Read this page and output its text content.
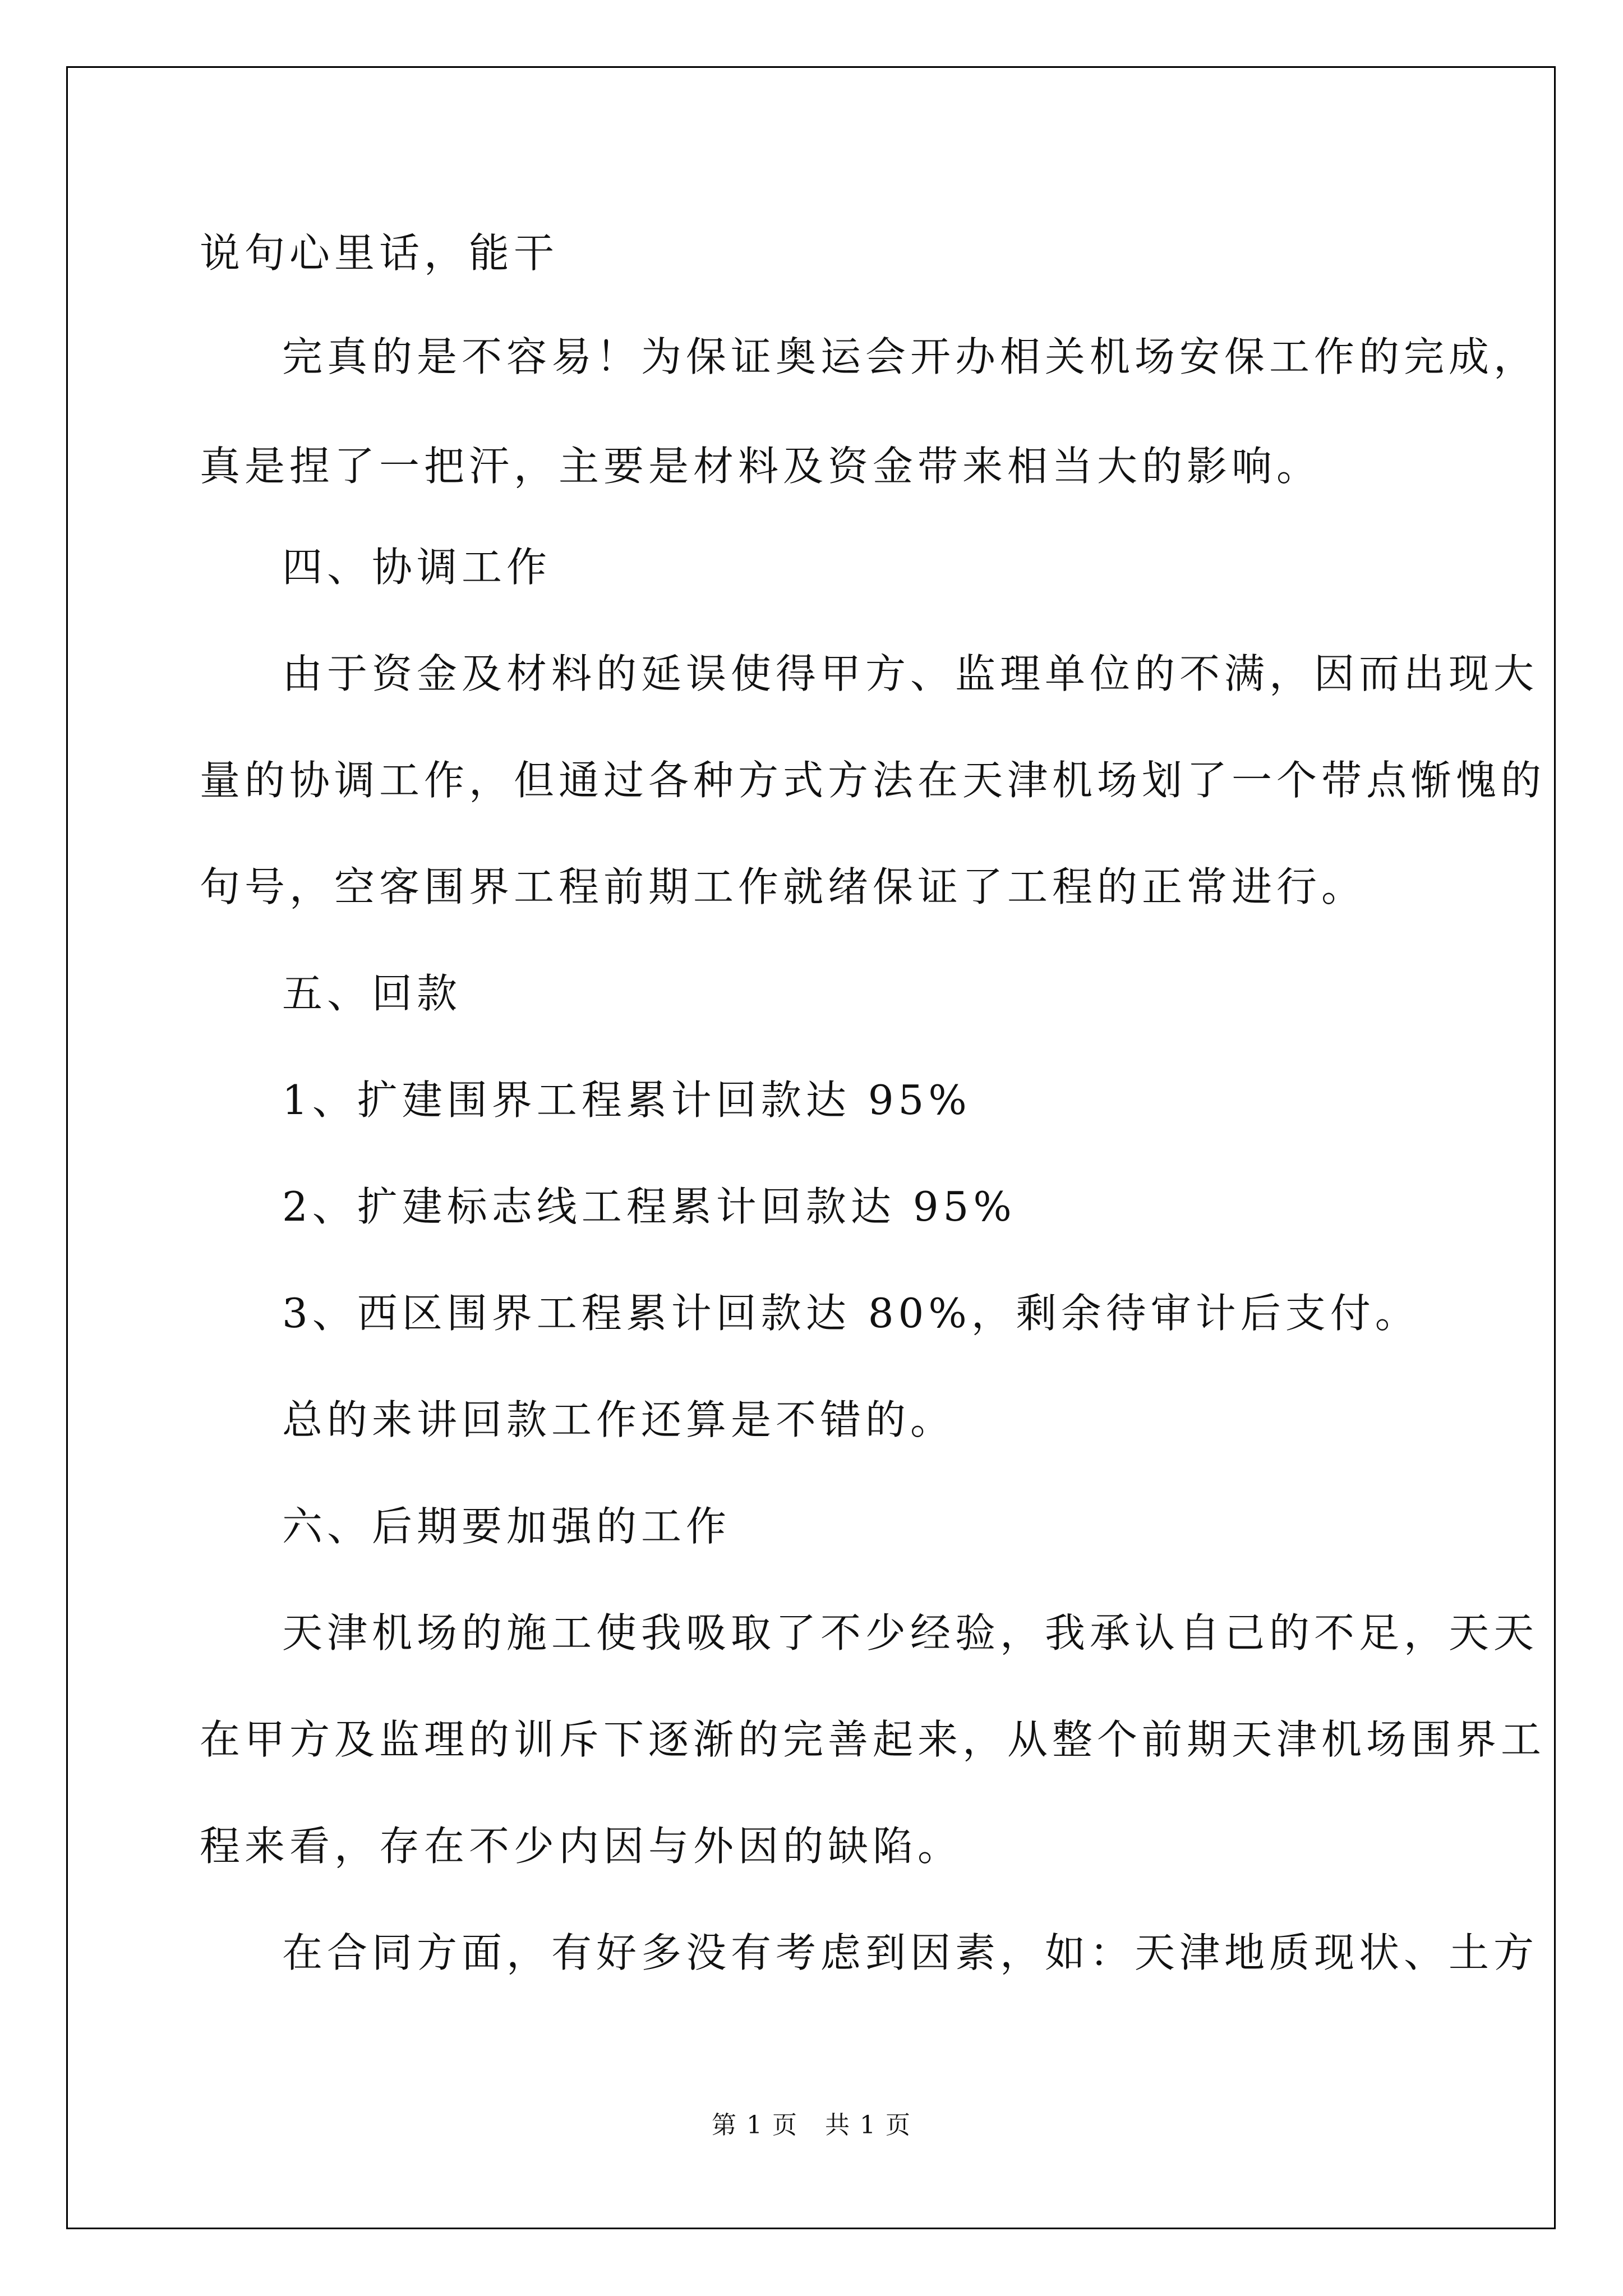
说句心里话，能干
完真的是不容易！为保证奥运会开办相关机场安保工作的完成，
真是捏了一把汗，主要是材料及资金带来相当大的影响。
四、协调工作
由于资金及材料的延误使得甲方、监理单位的不满，因而出现大
量的协调工作，但通过各种方式方法在天津机场划了一个带点惭愧的
句号，空客围界工程前期工作就绪保证了工程的正常进行。
五、回款
1、扩建围界工程累计回款达 95%
2、扩建标志线工程累计回款达 95%
3、西区围界工程累计回款达 80%，剩余待审计后支付。
总的来讲回款工作还算是不错的。
六、后期要加强的工作
天津机场的施工使我吸取了不少经验，我承认自己的不足，天天
在甲方及监理的训斥下逐渐的完善起来，从整个前期天津机场围界工
程来看，存在不少内因与外因的缺陷。
在合同方面，有好多没有考虑到因素，如：天津地质现状、土方
第 1 页 共 1 页
